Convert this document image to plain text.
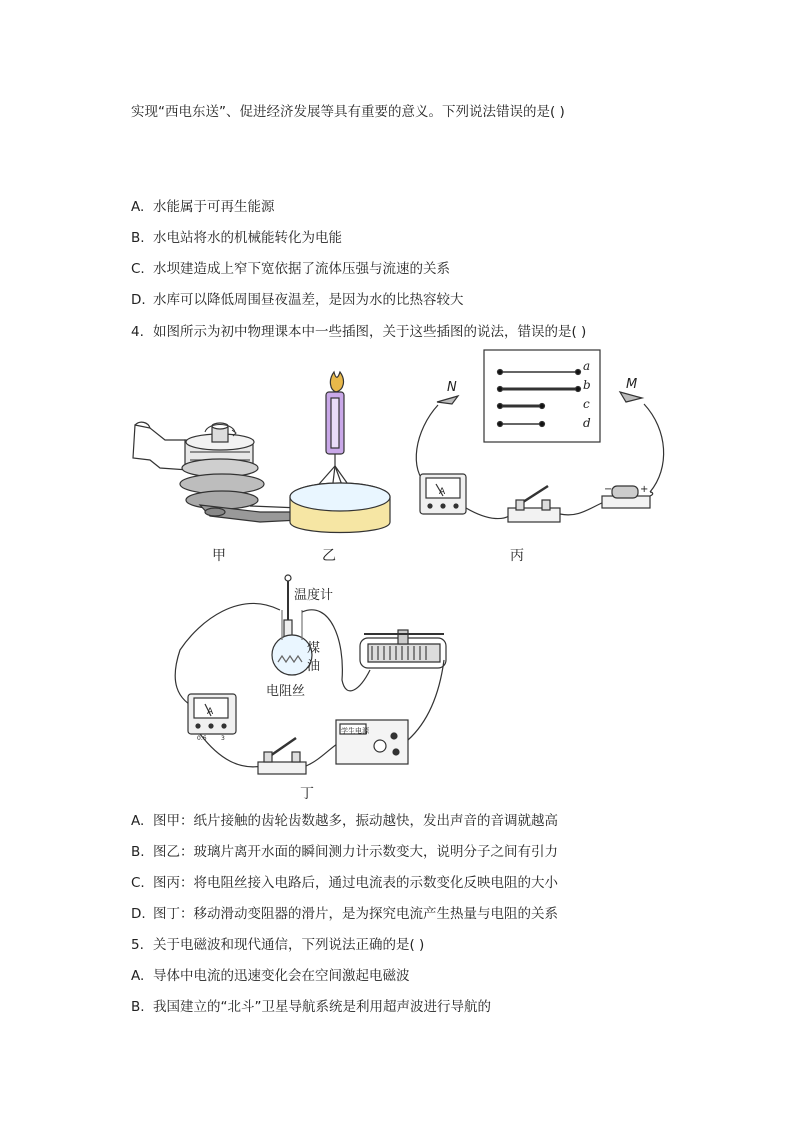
实现“西电东送”、促进经济发展等具有重要的意义。下列说法错误的是( )
A. 水能属于可再生能源
B. 水电站将水的机械能转化为电能
C. 水坝建造成上窄下宽依据了流体压强与流速的关系
D. 水库可以降低周围昼夜温差，是因为水的比热容较大
4. 如图所示为初中物理课本中一些插图，关于这些插图的说法，错误的是( )
甲	乙
a
b
c
d
N	M
A	−	+
丙
温度计
煤
油
电阻丝
A
学生电源
0.6 3
丁
A. 图甲：纸片接触的齿轮齿数越多，振动越快，发出声音的音调就越高
B. 图乙：玻璃片离开水面的瞬间测力计示数变大，说明分子之间有引力
C. 图丙：将电阻丝接入电路后，通过电流表的示数变化反映电阻的大小
D. 图丁：移动滑动变阻器的滑片，是为探究电流产生热量与电阻的关系
5. 关于电磁波和现代通信，下列说法正确的是( )
A. 导体中电流的迅速变化会在空间激起电磁波
B. 我国建立的“北斗”卫星导航系统是利用超声波进行导航的
